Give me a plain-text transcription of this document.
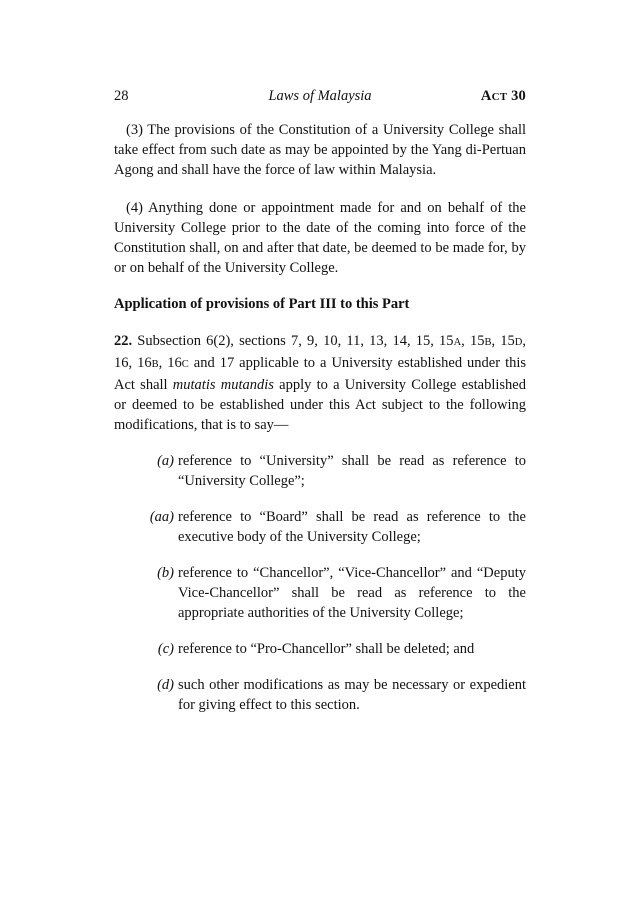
28	Laws of Malaysia	ACT 30

(3) The provisions of the Constitution of a University College shall take effect from such date as may be appointed by the Yang di-Pertuan Agong and shall have the force of law within Malaysia.

(4) Anything done or appointment made for and on behalf of the University College prior to the date of the coming into force of the Constitution shall, on and after that date, be deemed to be made for, by or on behalf of the University College.

Application of provisions of Part III to this Part

22. Subsection 6(2), sections 7, 9, 10, 11, 13, 14, 15, 15A, 15B, 15D, 16, 16B, 16C and 17 applicable to a University established under this Act shall mutatis mutandis apply to a University College established or deemed to be established under this Act subject to the following modifications, that is to say—

(a) reference to “University” shall be read as reference to “University College”;

(aa) reference to “Board” shall be read as reference to the executive body of the University College;

(b) reference to “Chancellor”, “Vice-Chancellor” and “Deputy Vice-Chancellor” shall be read as reference to the appropriate authorities of the University College;

(c) reference to “Pro-Chancellor” shall be deleted; and

(d) such other modifications as may be necessary or expedient for giving effect to this section.
